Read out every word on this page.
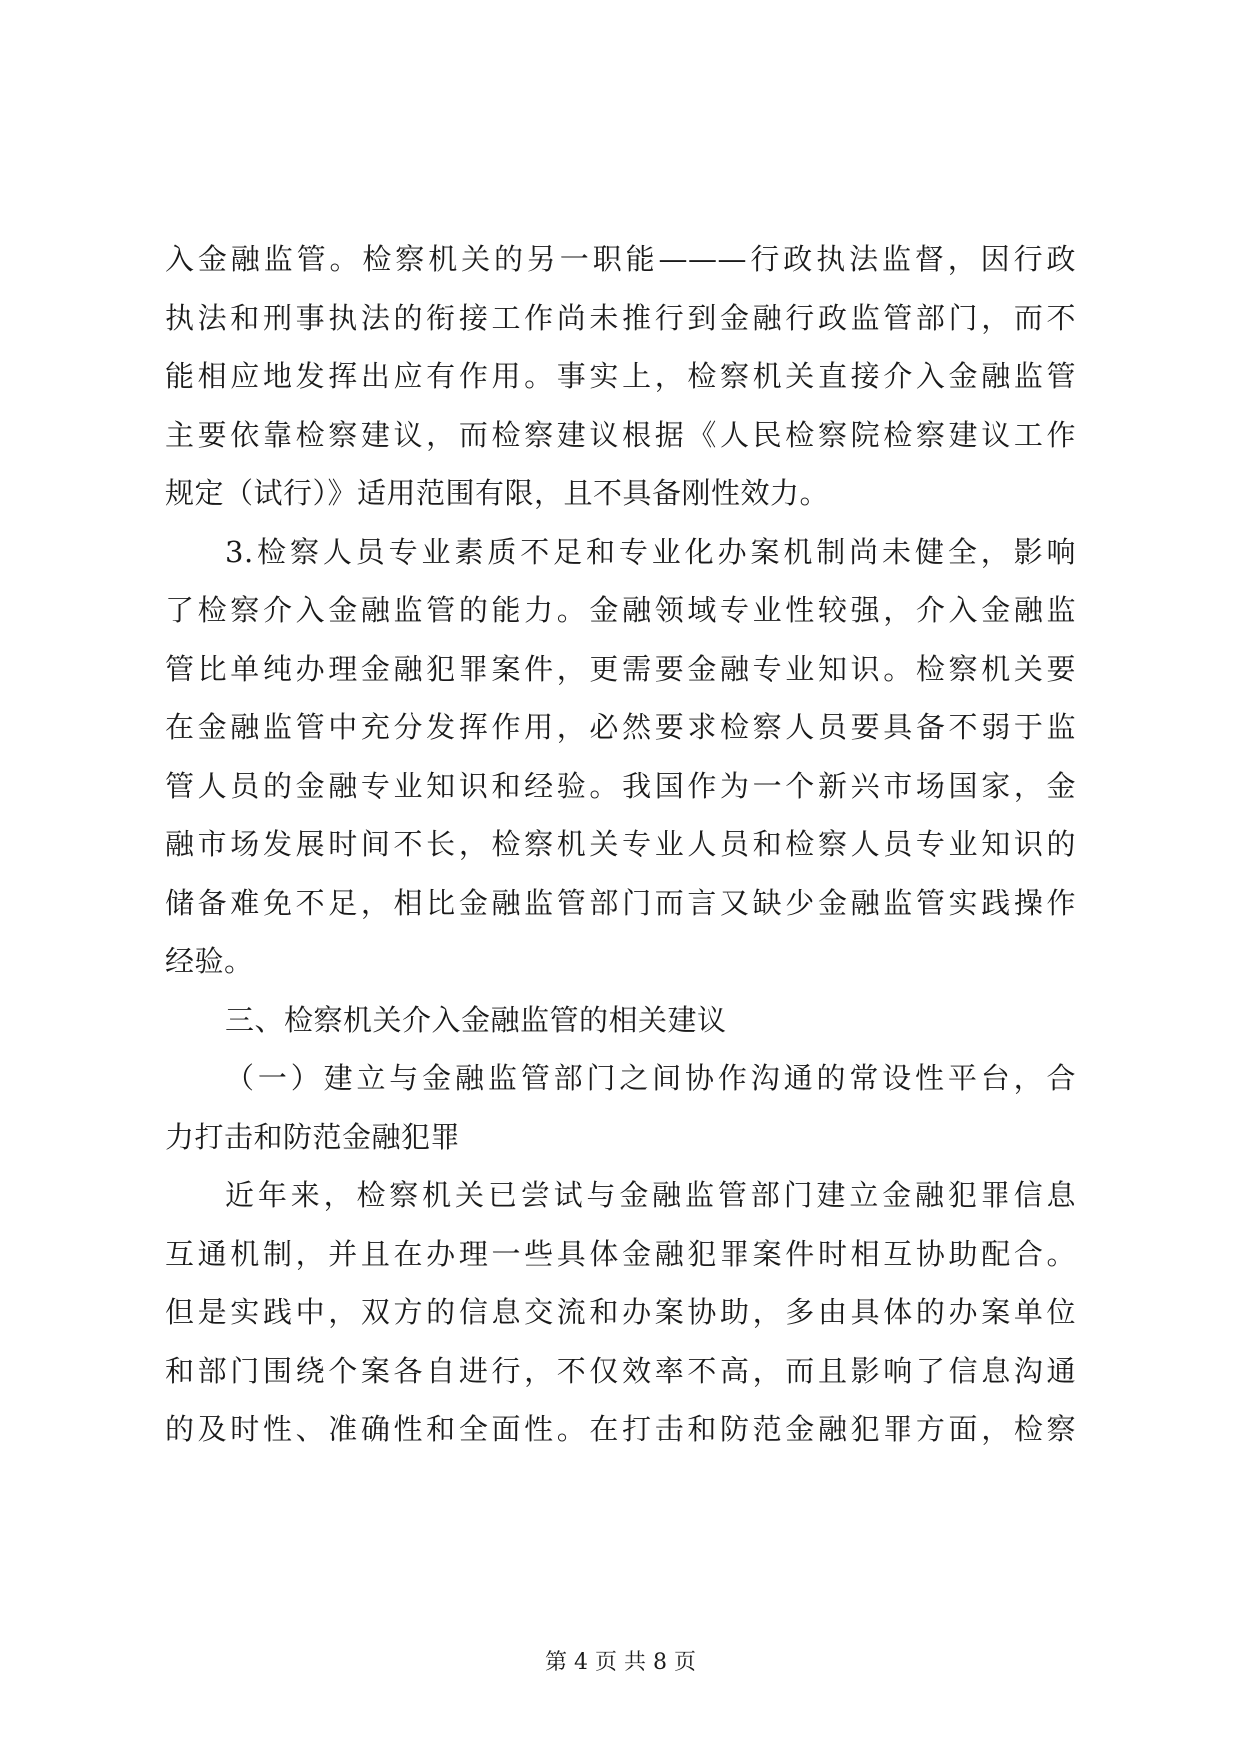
入金融监管。检察机关的另一职能———行政执法监督，因行政
执法和刑事执法的衔接工作尚未推行到金融行政监管部门，而不
能相应地发挥出应有作用。事实上，检察机关直接介入金融监管
主要依靠检察建议，而检察建议根据《人民检察院检察建议工作
规定（试行）》适用范围有限，且不具备刚性效力。
3.检察人员专业素质不足和专业化办案机制尚未健全，影响
了检察介入金融监管的能力。金融领域专业性较强，介入金融监
管比单纯办理金融犯罪案件，更需要金融专业知识。检察机关要
在金融监管中充分发挥作用，必然要求检察人员要具备不弱于监
管人员的金融专业知识和经验。我国作为一个新兴市场国家，金
融市场发展时间不长，检察机关专业人员和检察人员专业知识的
储备难免不足，相比金融监管部门而言又缺少金融监管实践操作
经验。
三、检察机关介入金融监管的相关建议
（一）建立与金融监管部门之间协作沟通的常设性平台，合
力打击和防范金融犯罪
近年来，检察机关已尝试与金融监管部门建立金融犯罪信息
互通机制，并且在办理一些具体金融犯罪案件时相互协助配合。
但是实践中，双方的信息交流和办案协助，多由具体的办案单位
和部门围绕个案各自进行，不仅效率不高，而且影响了信息沟通
的及时性、准确性和全面性。在打击和防范金融犯罪方面，检察
第 4 页 共 8 页
